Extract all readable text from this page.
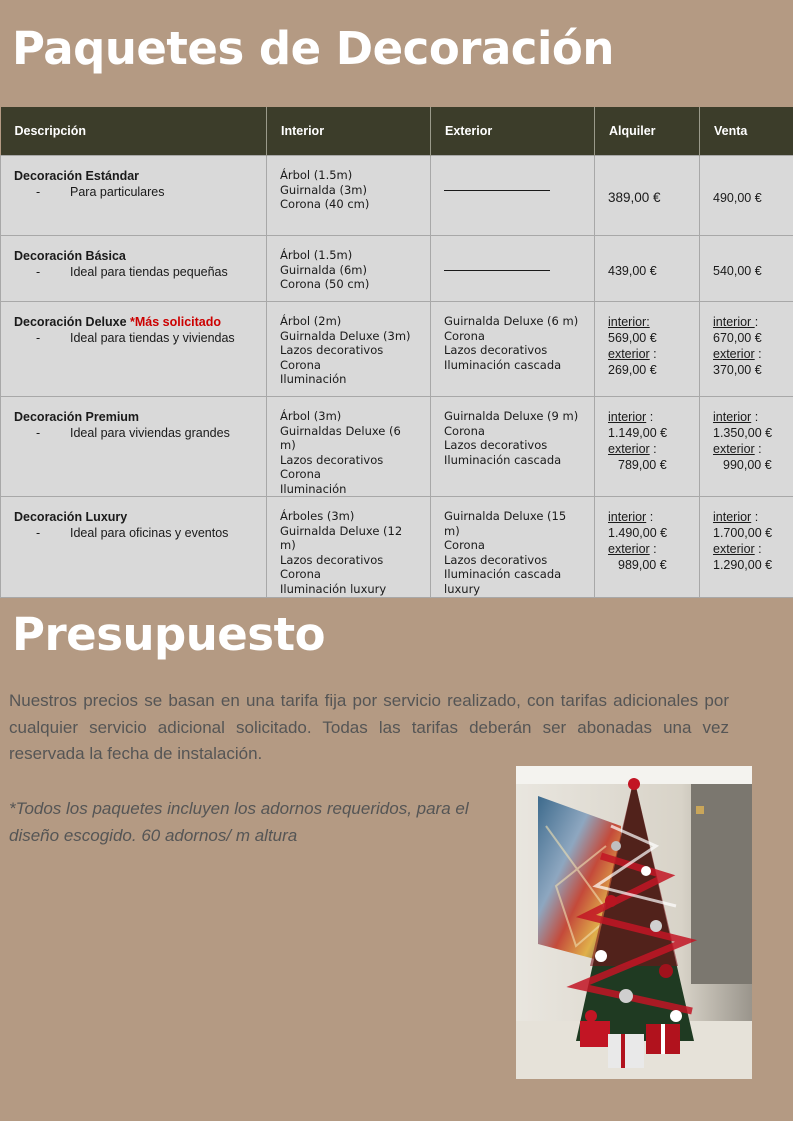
Paquetes de Decoración
Descripción	Interior	Exterior	Alquiler	Venta

Decoración Estándar
- Para particulares	Árbol (1.5m)
Guirnalda (3m)
Corona (40 cm)		389,00 €	490,00 €

Decoración Básica
- Ideal para tiendas pequeñas	Árbol (1.5m)
Guirnalda (6m)
Corona (50 cm)		439,00 €	540,00 €

Decoración Deluxe *Más solicitado
- Ideal para tiendas y viviendas	Árbol (2m)
Guirnalda Deluxe (3m)
Lazos decorativos
Corona
Iluminación	Guirnalda Deluxe (6 m)
Corona
Lazos decorativos
Iluminación cascada	interior:
569,00 €
exterior :
269,00 €	interior :
670,00 €
exterior :
370,00 €

Decoración Premium
- Ideal para viviendas grandes	Árbol (3m)
Guirnaldas Deluxe (6 m)
Lazos decorativos
Corona
Iluminación	Guirnalda Deluxe (9 m)
Corona
Lazos decorativos
Iluminación cascada	interior :
1.149,00 €
exterior :
789,00 €	interior :
1.350,00 €
exterior :
990,00 €

Decoración Luxury
- Ideal para oficinas y eventos	Árboles (3m)
Guirnalda Deluxe (12 m)
Lazos decorativos
Corona
Iluminación luxury	Guirnalda Deluxe (15 m)
Corona
Lazos decorativos
Iluminación cascada
luxury	interior :
1.490,00 €
exterior :
989,00 €	interior :
1.700,00 €
exterior :
1.290,00 €
Presupuesto

Nuestros precios se basan en una tarifa fija por servicio realizado, con tarifas adicionales por cualquier servicio adicional solicitado. Todas las tarifas deberán ser abonadas una vez reservada la fecha de instalación.

*Todos los paquetes incluyen los adornos requeridos, para el diseño escogido. 60 adornos/ m altura
